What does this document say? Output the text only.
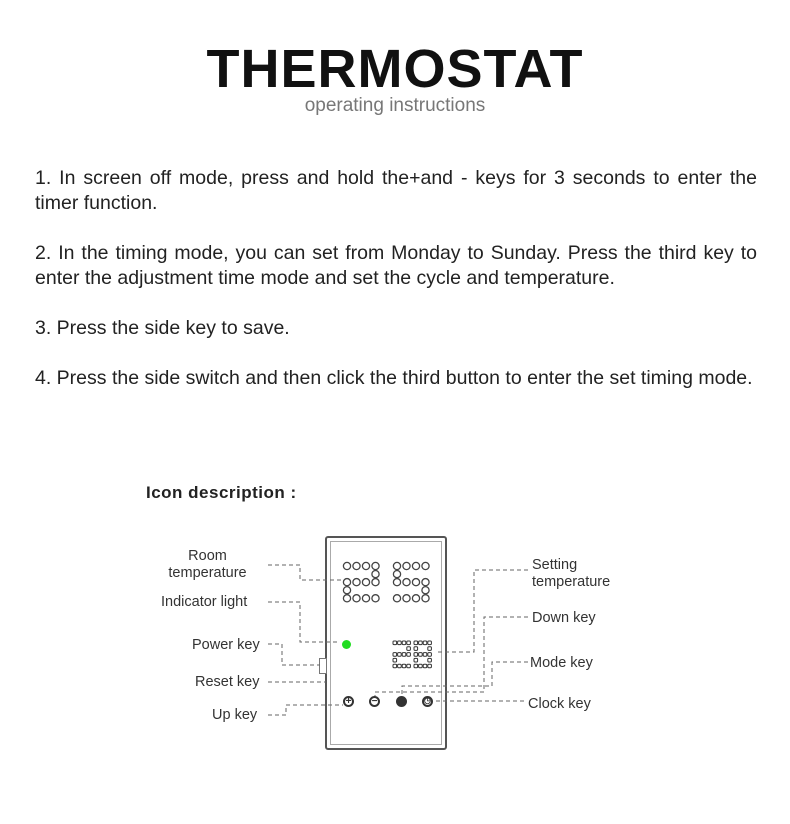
THERMOSTAT
operating instructions

1. In screen off mode, press and hold the+and - keys for 3 seconds to enter the timer function.

2. In the timing mode, you can set from Monday to Sunday. Press the third key to enter the adjustment time mode and set the cycle and temperature.

3. Press the side key to save.

4. Press the side switch and then click the third button to enter the set timing mode.

Icon description :
Room
temperature
Indicator light
Power key
Reset key
Up key
Setting
temperature
Down key
Mode key
Clock key
+ −	◷
